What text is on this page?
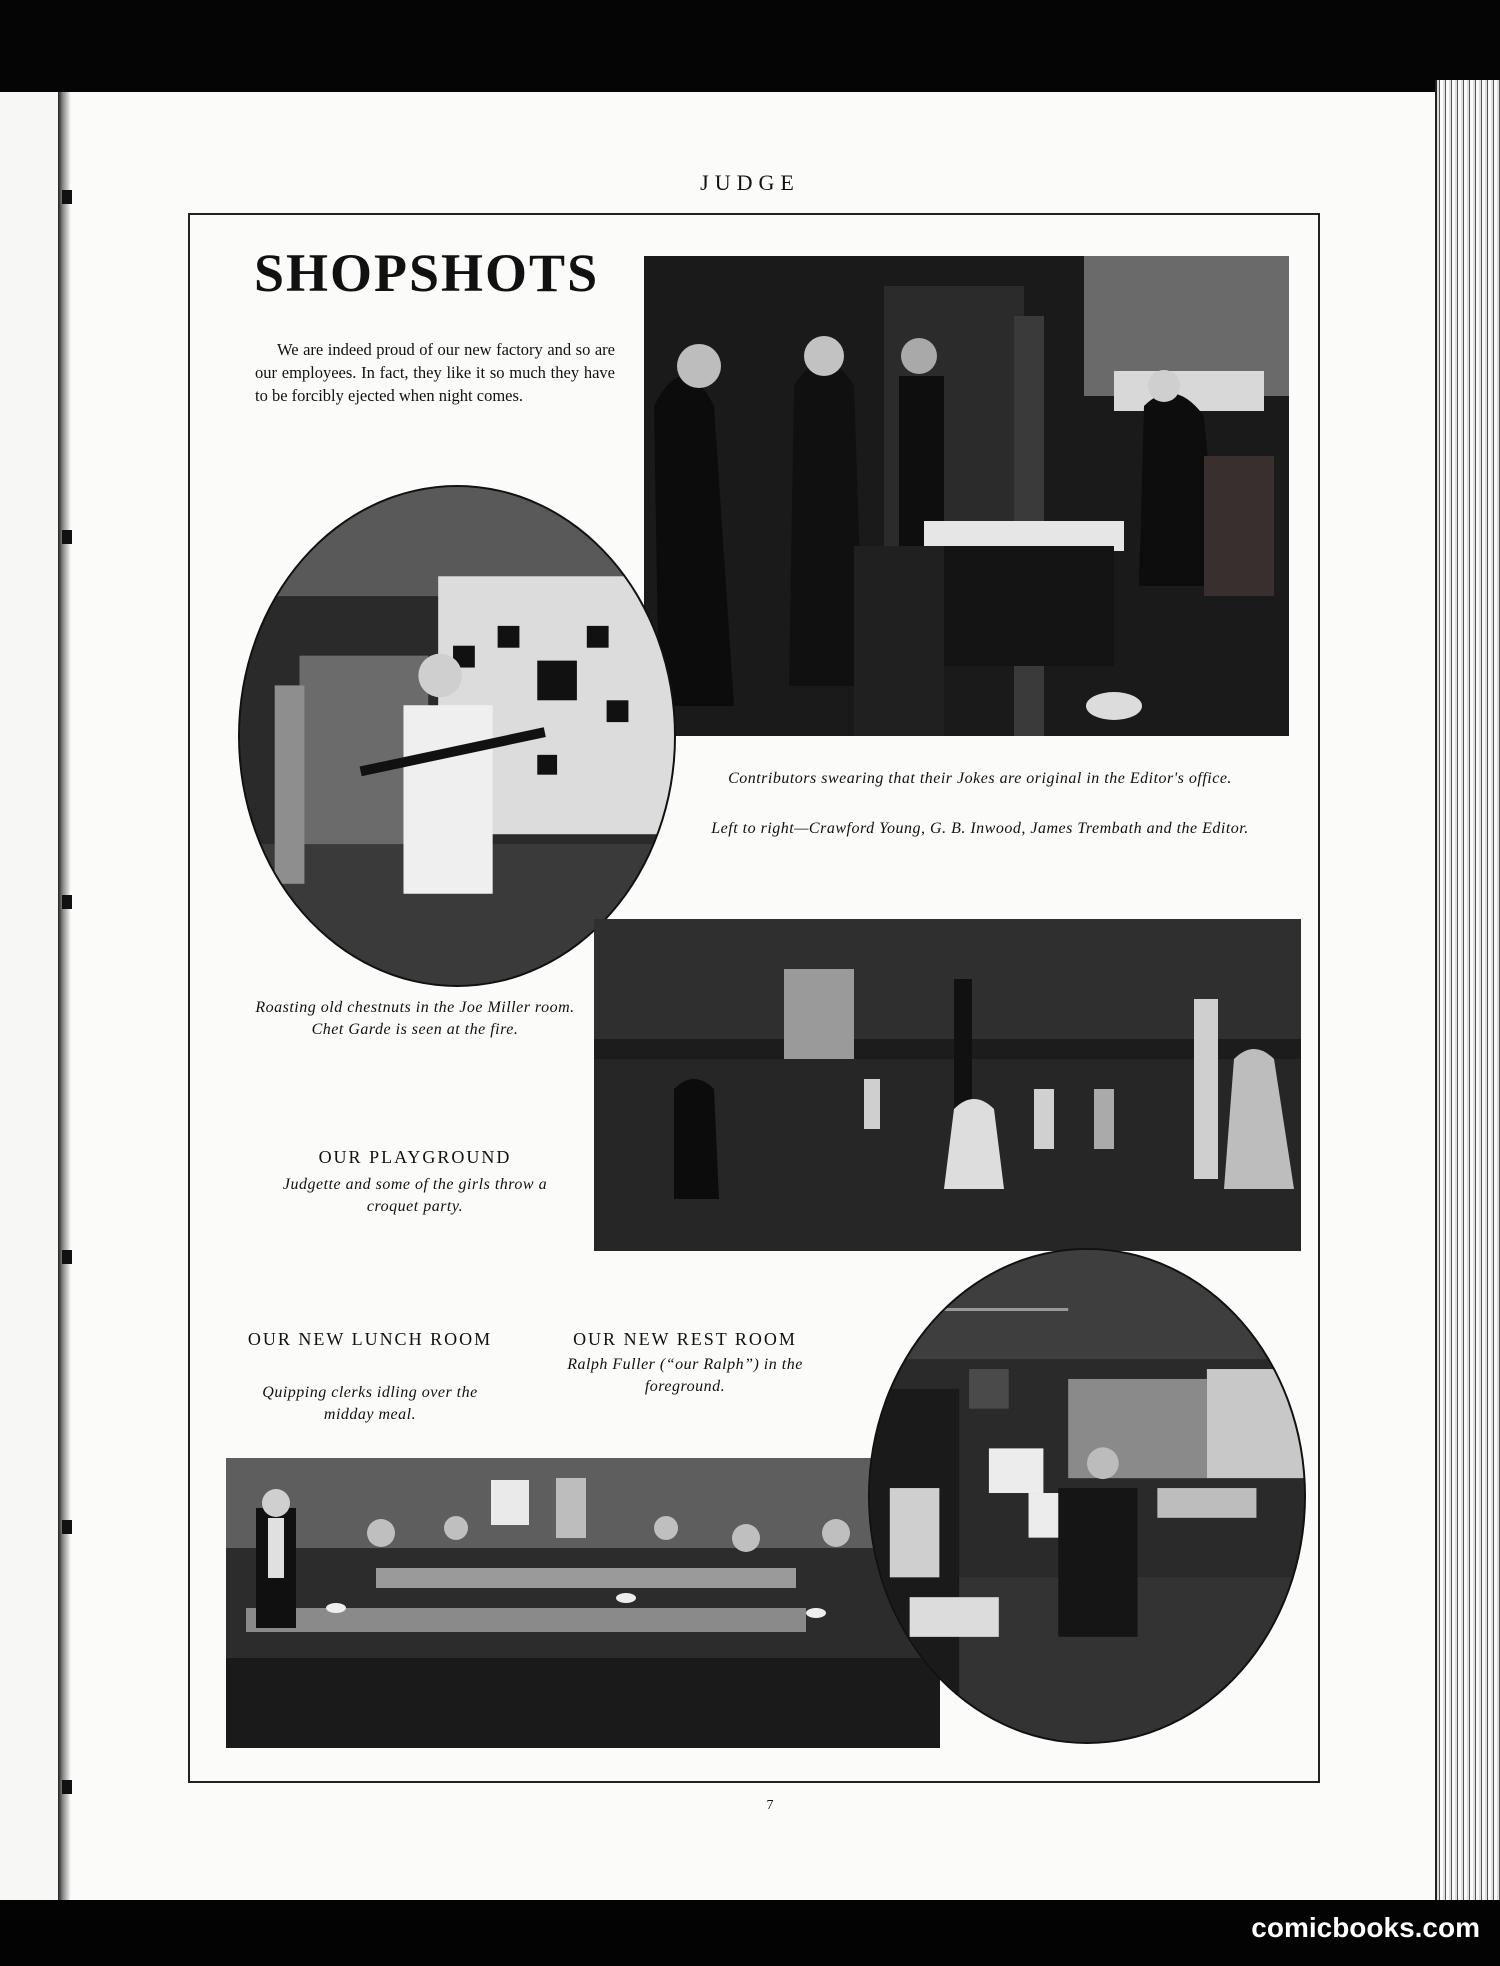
JUDGE
SHOPSHOTS
We are indeed proud of our new factory and so are our employees. In fact, they like it so much they have to be forcibly ejected when night comes.
Contributors swearing that their Jokes are original in the Editor's office.
Left to right—Crawford Young, G. B. Inwood, James Trembath and the Editor.
Roasting old chestnuts in the Joe Miller room. Chet Garde is seen at the fire.
OUR PLAYGROUND
Judgette and some of the girls throw a croquet party.
OUR NEW LUNCH ROOM
Quipping clerks idling over the midday meal.
OUR NEW REST ROOM
Ralph Fuller (“our Ralph”) in the foreground.
7
comicbooks.com
